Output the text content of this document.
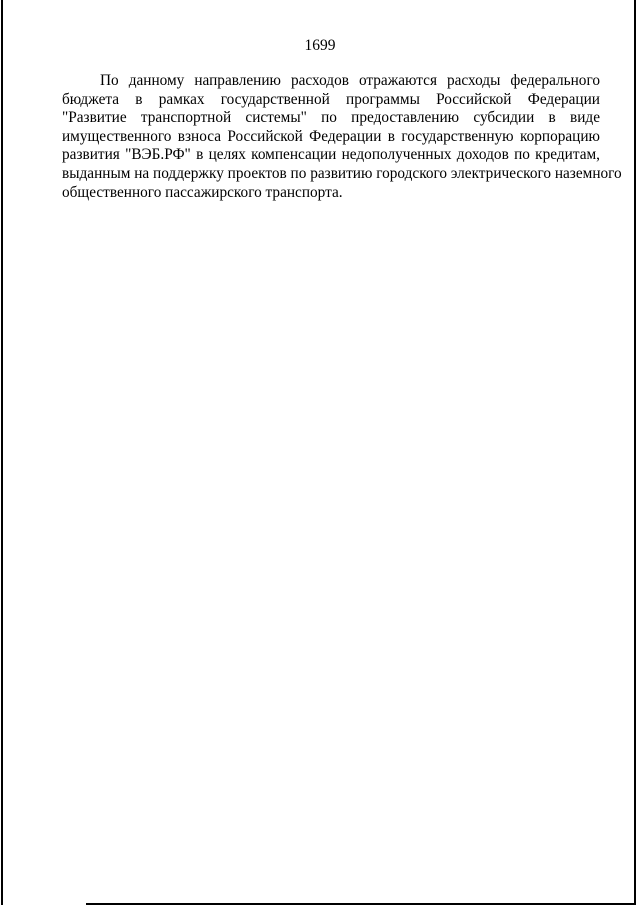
1699
По данному направлению расходов отражаются расходы федерального
бюджета в рамках государственной программы Российской Федерации
"Развитие транспортной системы" по предоставлению субсидии в виде
имущественного взноса Российской Федерации в государственную корпорацию
развития "ВЭБ.РФ" в целях компенсации недополученных доходов по кредитам,
выданным на поддержку проектов по развитию городского электрического наземного
общественного пассажирского транспорта.
